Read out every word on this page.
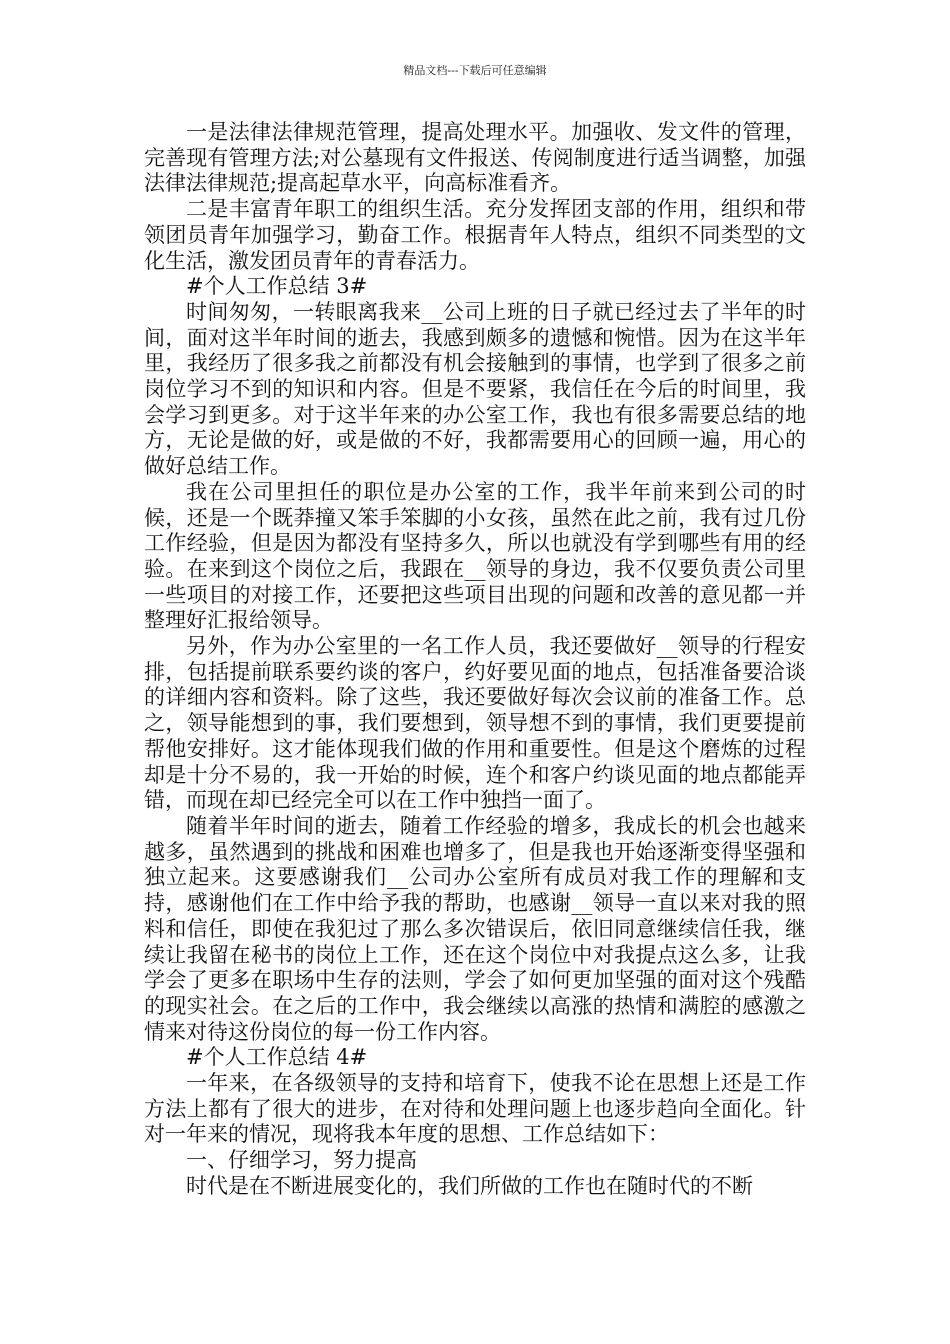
精品文档---下载后可任意编辑

一是法律法律规范管理，提高处理水平。加强收、发文件的管理，完善现有管理方法;对公墓现有文件报送、传阅制度进行适当调整，加强法律法律规范;提高起草水平，向高标准看齐。

二是丰富青年职工的组织生活。充分发挥团支部的作用，组织和带领团员青年加强学习，勤奋工作。根据青年人特点，组织不同类型的文化生活，激发团员青年的青春活力。

#个人工作总结 3#

时间匆匆，一转眼离我来__公司上班的日子就已经过去了半年的时间，面对这半年时间的逝去，我感到颇多的遗憾和惋惜。因为在这半年里，我经历了很多我之前都没有机会接触到的事情，也学到了很多之前岗位学习不到的知识和内容。但是不要紧，我信任在今后的时间里，我会学习到更多。对于这半年来的办公室工作，我也有很多需要总结的地方，无论是做的好，或是做的不好，我都需要用心的回顾一遍，用心的做好总结工作。

我在公司里担任的职位是办公室的工作，我半年前来到公司的时候，还是一个既莽撞又笨手笨脚的小女孩，虽然在此之前，我有过几份工作经验，但是因为都没有坚持多久，所以也就没有学到哪些有用的经验。在来到这个岗位之后，我跟在__领导的身边，我不仅要负责公司里一些项目的对接工作，还要把这些项目出现的问题和改善的意见都一并整理好汇报给领导。

另外，作为办公室里的一名工作人员，我还要做好__领导的行程安排，包括提前联系要约谈的客户，约好要见面的地点，包括准备要洽谈的详细内容和资料。除了这些，我还要做好每次会议前的准备工作。总之，领导能想到的事，我们要想到，领导想不到的事情，我们更要提前帮他安排好。这才能体现我们做的作用和重要性。但是这个磨炼的过程却是十分不易的，我一开始的时候，连个和客户约谈见面的地点都能弄错，而现在却已经完全可以在工作中独挡一面了。

随着半年时间的逝去，随着工作经验的增多，我成长的机会也越来越多，虽然遇到的挑战和困难也增多了，但是我也开始逐渐变得坚强和独立起来。这要感谢我们__公司办公室所有成员对我工作的理解和支持，感谢他们在工作中给予我的帮助，也感谢__领导一直以来对我的照料和信任，即使在我犯过了那么多次错误后，依旧同意继续信任我，继续让我留在秘书的岗位上工作，还在这个岗位中对我提点这么多，让我学会了更多在职场中生存的法则，学会了如何更加坚强的面对这个残酷的现实社会。在之后的工作中，我会继续以高涨的热情和满腔的感激之情来对待这份岗位的每一份工作内容。

#个人工作总结 4#

一年来，在各级领导的支持和培育下，使我不论在思想上还是工作方法上都有了很大的进步，在对待和处理问题上也逐步趋向全面化。针对一年来的情况，现将我本年度的思想、工作总结如下：

一、仔细学习，努力提高

时代是在不断进展变化的，我们所做的工作也在随时代的不断
